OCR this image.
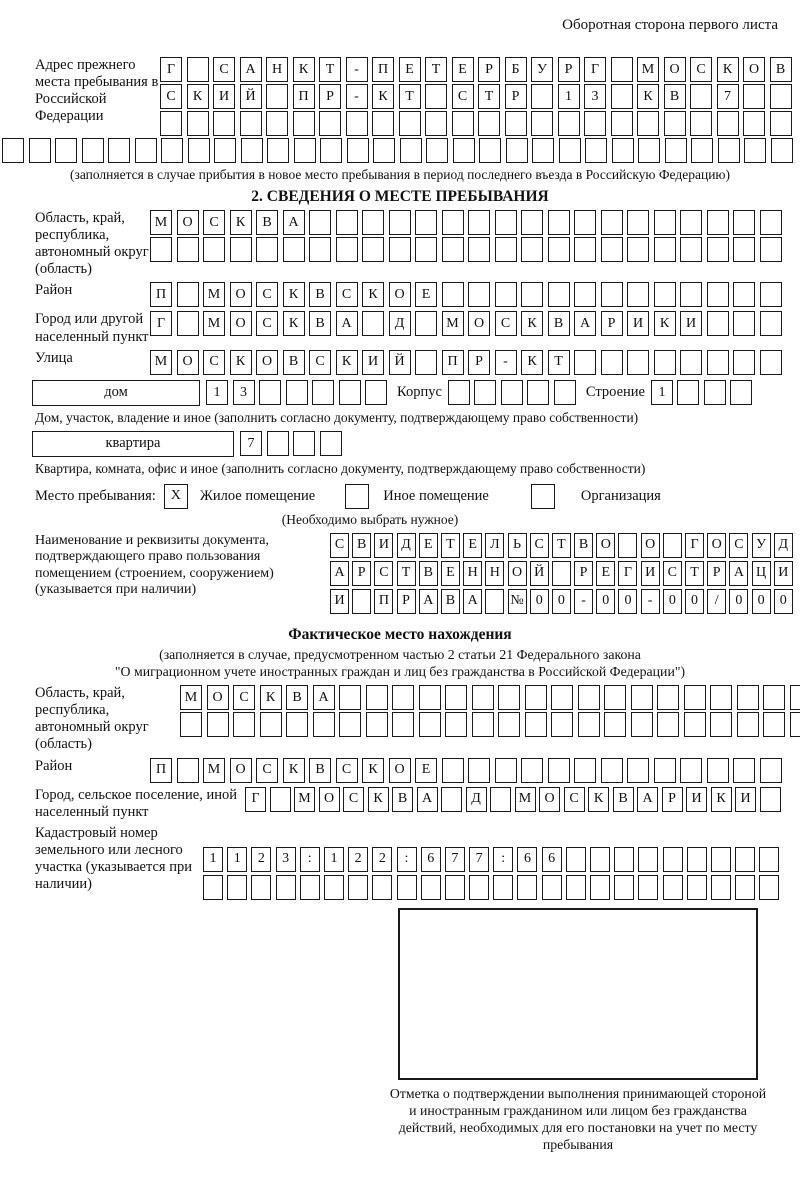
Оборотная сторона первого листа
Адрес прежнего места пребывания в Российской Федерации
Г	С	А	Н	К	Т	-	П	Е	Т	Е	Р	Б	У	Р	Г	М	О	С	К	О	В
С	К	И	Й	П	Р	-	К	Т	С	Т	Р	1	3	К	В	7
(заполняется в случае прибытия в новое место пребывания в период последнего въезда в Российскую Федерацию)
2. СВЕДЕНИЯ О МЕСТЕ ПРЕБЫВАНИЯ
Область, край, республика, автономный округ (область)
М	О	С	К	В	А
Район	П	М	О	С	К	В	С	К	О	Е
Город или другой населенный пункт
Г	М	О	С	К	В	А	Д	М	О	С	К	В	А	Р	И	К	И
Улица	М	О	С	К	О	В	С	К	И	Й	П	Р	-	К	Т
дом	1	3	Корпус	Строение 1
Дом, участок, владение и иное (заполнить согласно документу, подтверждающему право собственности)
квартира	7
Квартира, комната, офис и иное (заполнить согласно документу, подтверждающему право собственности)
Место пребывания:	X	Жилое помещение	Иное помещение	Организация
(Необходимо выбрать нужное)
Наименование и реквизиты документа, подтверждающего право пользования помещением (строением, сооружением) (указывается при наличии)
С В И Д Е Т Е Л Ь С Т В О	О	Г О С У Д
А Р С Т В Е Н Н О Й	Р	Е Г И С Т	Р А Ц И
И	П Р А В А	№ 0	0	-	0	0	-	0	0	/	0	0	0
Фактическое место нахождения
(заполняется в случае, предусмотренном частью 2 статьи 21 Федерального закона
"О миграционном учете иностранных граждан и лиц без гражданства в Российской Федерации")
Область, край, республика, автономный округ (область)
М	О	С	К	В	А
Район	П	М	О	С	К	В	С	К	О	Е
Город, сельское поселение, иной населенный пункт
Г	М О	С	К	В	А	Д	М О	С	К	В	А	Р	И	К	И
Кадастровый номер земельного или лесного участка (указывается при наличии)
1	1	2	3	:	1	2	2	:	6	7	7	:	6	6
Отметка о подтверждении выполнения принимающей стороной и иностранным гражданином или лицом без гражданства действий, необходимых для его постановки на учет по месту пребывания
